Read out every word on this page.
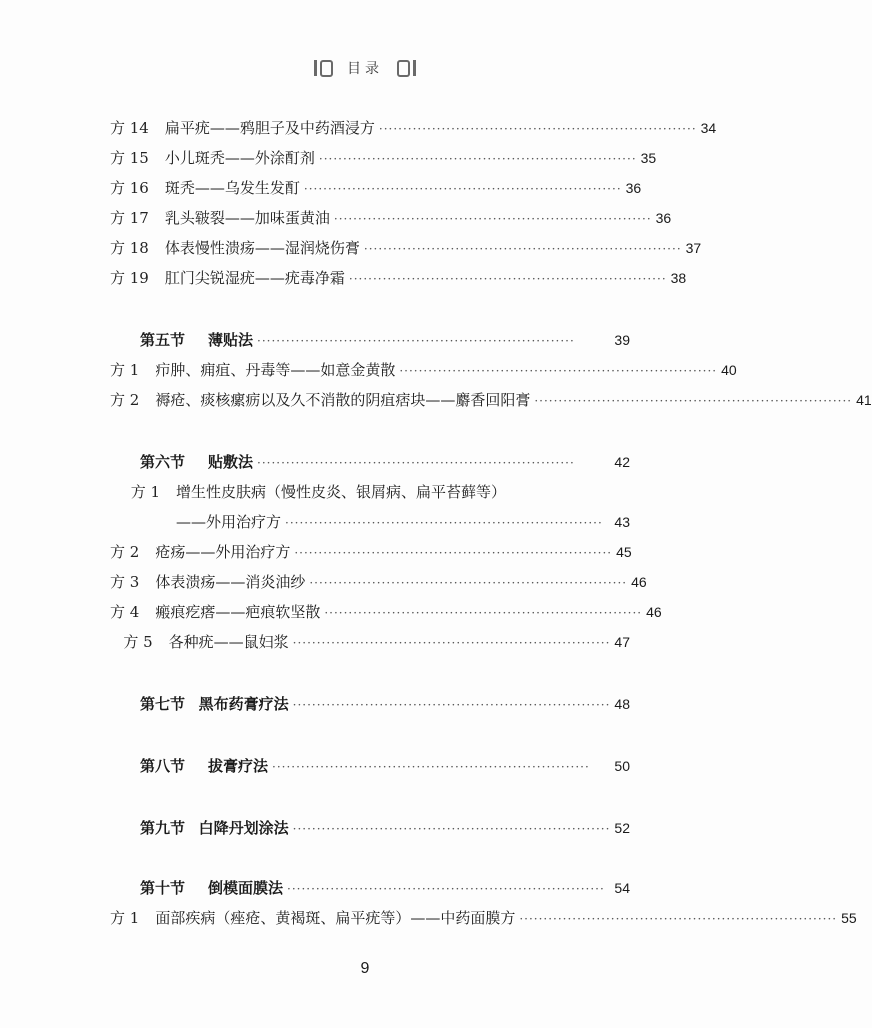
目录
方 14 扁平疣——鸦胆子及中药酒浸方 ·································································· 34
方 15 小儿斑秃——外涂酊剂 ·································································· 35
方 16 斑秃——乌发生发酊 ·································································· 36
方 17 乳头皲裂——加味蛋黄油 ·································································· 36
方 18 体表慢性溃疡——湿润烧伤膏 ·································································· 37
方 19 肛门尖锐湿疣——疣毒净霜 ·································································· 38
第五节	薄贴法 ··································································	39
方 1 疖肿、痈疽、丹毒等——如意金黄散 ·································································· 40
方 2 褥疮、痰核瘰疬以及久不消散的阴疽痞块——麝香回阳膏 ·································································· 41
第六节	贴敷法 ··································································	42
方 1 增生性皮肤病（慢性皮炎、银屑病、扁平苔藓等）
——外用治疗方 ·································································· 43
方 2 疮疡——外用治疗方 ·································································· 45
方 3 体表溃疡——消炎油纱 ·································································· 46
方 4 瘢痕疙瘩——疤痕软坚散 ·································································· 46
方 5 各种疣——鼠妇浆 ·································································· 47
第七节 黑布药膏疗法 ·································································· 48
第八节	拔膏疗法 ··································································	50
第九节 白降丹划涂法 ·································································· 52
第十节	倒模面膜法 ·································································· 54
方 1 面部疾病（痤疮、黄褐斑、扁平疣等）——中药面膜方 ·································································· 55
9
